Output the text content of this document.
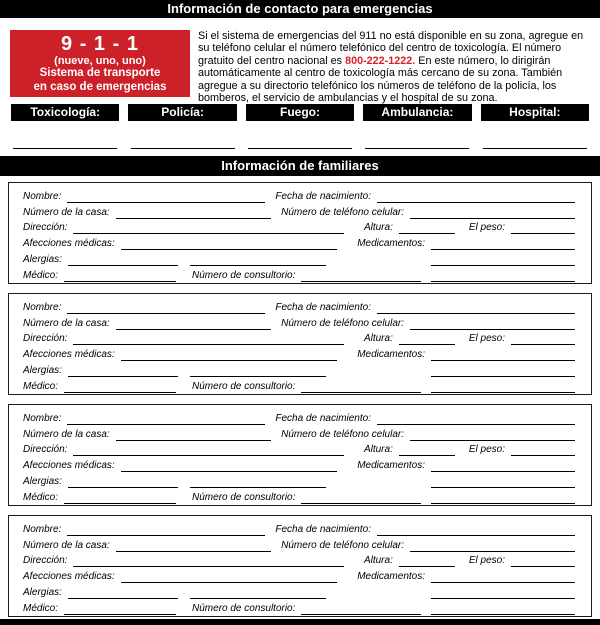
Información de contacto para emergencias
9 - 1 - 1
(nueve, uno, uno)
Sistema de transporte
en caso de emergencias

Si el sistema de emergencias del 911 no está disponible en su zona, agregue en su teléfono celular el número telefónico del centro de toxicología. El número gratuito del centro nacional es 800-222-1222. En este número, lo dirigirán automáticamente al centro de toxicología más cercano de su zona. También agregue a su directorio telefónico los números de teléfono de la policía, los bomberos, el servicio de ambulancias y el hospital de su zona.

Toxicología:	Policía:	Fuego:	Ambulancia:	Hospital:
Información de familiares
Nombre:	Fecha de nacimiento:
Número de la casa:	Número de teléfono celular:
Dirección:	Altura:	El peso:
Afecciones médicas:	Medicamentos:
Alergias:
Médico:	Número de consultorio:
Nombre:	Fecha de nacimiento:
Número de la casa:	Número de teléfono celular:
Dirección:	Altura:	El peso:
Afecciones médicas:	Medicamentos:
Alergias:
Médico:	Número de consultorio:
Nombre:	Fecha de nacimiento:
Número de la casa:	Número de teléfono celular:
Dirección:	Altura:	El peso:
Afecciones médicas:	Medicamentos:
Alergias:
Médico:	Número de consultorio:
Nombre:	Fecha de nacimiento:
Número de la casa:	Número de teléfono celular:
Dirección:	Altura:	El peso:
Afecciones médicas:	Medicamentos:
Alergias:
Médico:	Número de consultorio:
